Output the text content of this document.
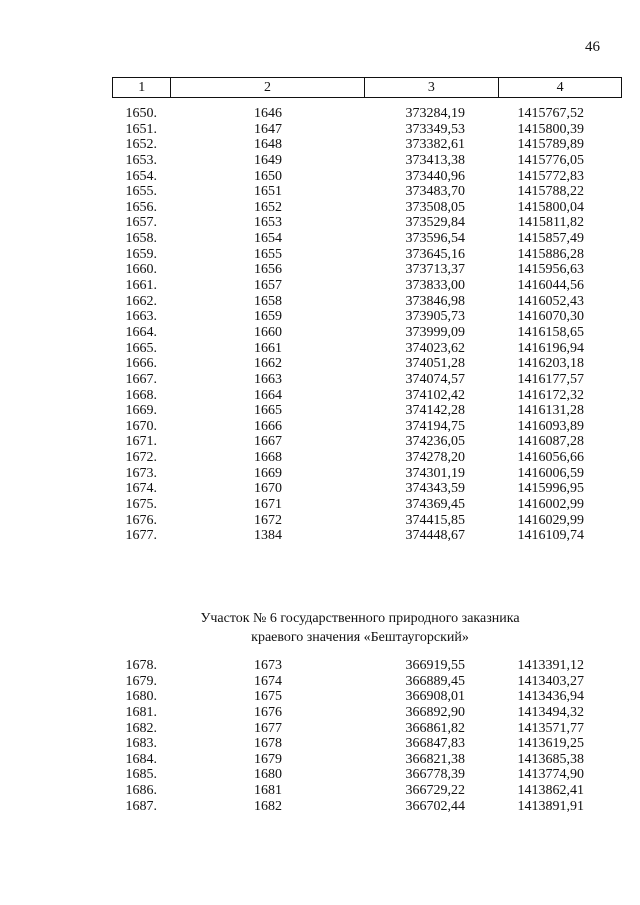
46
1	2	3	4
1650.	1646	373284,19	1415767,52
1651.	1647	373349,53	1415800,39
1652.	1648	373382,61	1415789,89
1653.	1649	373413,38	1415776,05
1654.	1650	373440,96	1415772,83
1655.	1651	373483,70	1415788,22
1656.	1652	373508,05	1415800,04
1657.	1653	373529,84	1415811,82
1658.	1654	373596,54	1415857,49
1659.	1655	373645,16	1415886,28
1660.	1656	373713,37	1415956,63
1661.	1657	373833,00	1416044,56
1662.	1658	373846,98	1416052,43
1663.	1659	373905,73	1416070,30
1664.	1660	373999,09	1416158,65
1665.	1661	374023,62	1416196,94
1666.	1662	374051,28	1416203,18
1667.	1663	374074,57	1416177,57
1668.	1664	374102,42	1416172,32
1669.	1665	374142,28	1416131,28
1670.	1666	374194,75	1416093,89
1671.	1667	374236,05	1416087,28
1672.	1668	374278,20	1416056,66
1673.	1669	374301,19	1416006,59
1674.	1670	374343,59	1415996,95
1675.	1671	374369,45	1416002,99
1676.	1672	374415,85	1416029,99
1677.	1384	374448,67	1416109,74
Участок № 6 государственного природного заказника
краевого значения «Бештаугорский»
1678.	1673	366919,55	1413391,12
1679.	1674	366889,45	1413403,27
1680.	1675	366908,01	1413436,94
1681.	1676	366892,90	1413494,32
1682.	1677	366861,82	1413571,77
1683.	1678	366847,83	1413619,25
1684.	1679	366821,38	1413685,38
1685.	1680	366778,39	1413774,90
1686.	1681	366729,22	1413862,41
1687.	1682	366702,44	1413891,91
